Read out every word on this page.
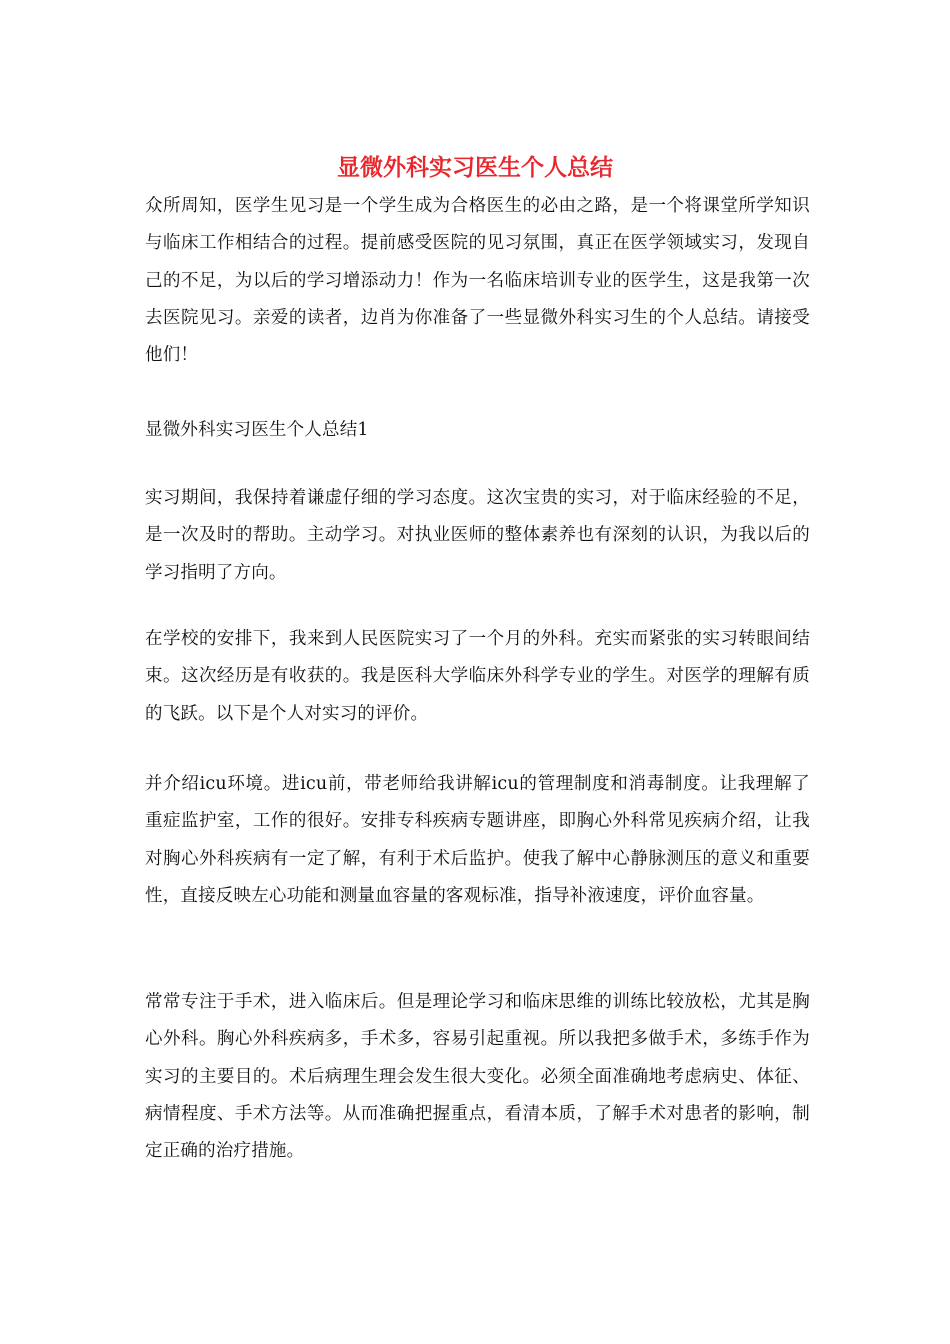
显微外科实习医生个人总结

众所周知，医学生见习是一个学生成为合格医生的必由之路，是一个将课堂所学知识与临床工作相结合的过程。提前感受医院的见习氛围，真正在医学领域实习，发现自己的不足，为以后的学习增添动力！作为一名临床培训专业的医学生，这是我第一次去医院见习。亲爱的读者，边肖为你准备了一些显微外科实习生的个人总结。请接受他们！

显微外科实习医生个人总结1

实习期间，我保持着谦虚仔细的学习态度。这次宝贵的实习，对于临床经验的不足，是一次及时的帮助。主动学习。对执业医师的整体素养也有深刻的认识，为我以后的学习指明了方向。

在学校的安排下，我来到人民医院实习了一个月的外科。充实而紧张的实习转眼间结束。这次经历是有收获的。我是医科大学临床外科学专业的学生。对医学的理解有质的飞跃。以下是个人对实习的评价。

并介绍icu环境。进icu前，带老师给我讲解icu的管理制度和消毒制度。让我理解了重症监护室，工作的很好。安排专科疾病专题讲座，即胸心外科常见疾病介绍，让我对胸心外科疾病有一定了解，有利于术后监护。使我了解中心静脉测压的意义和重要性，直接反映左心功能和测量血容量的客观标准，指导补液速度，评价血容量。

常常专注于手术，进入临床后。但是理论学习和临床思维的训练比较放松，尤其是胸心外科。胸心外科疾病多，手术多，容易引起重视。所以我把多做手术，多练手作为实习的主要目的。术后病理生理会发生很大变化。必须全面准确地考虑病史、体征、病情程度、手术方法等。从而准确把握重点，看清本质，了解手术对患者的影响，制定正确的治疗措施。
